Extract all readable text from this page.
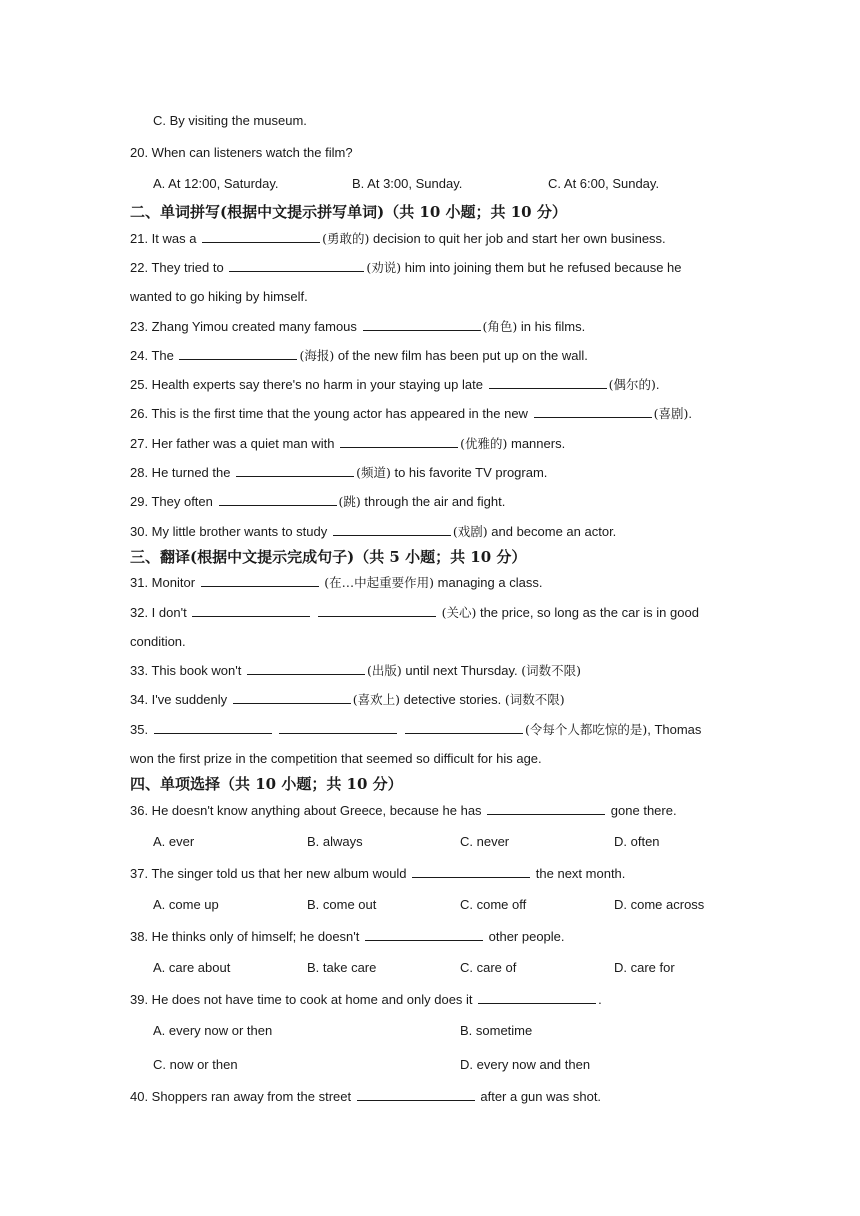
C. By visiting the museum.
20. When can listeners watch the film?
A. At 12:00, Saturday.	B. At 3:00, Sunday.	C. At 6:00, Sunday.
二、单词拼写(根据中文提示拼写单词)（共 10 小题；共 10 分）
21. It was a	(勇敢的) decision to quit her job and start her own business.
22. They tried to	(劝说) him into joining them but he refused because he
wanted to go hiking by himself.
23. Zhang Yimou created many famous	(角色) in his films.
24. The	(海报) of the new film has been put up on the wall.
25. Health experts say there's no harm in your staying up late	(偶尔的).
26. This is the first time that the young actor has appeared in the new	(喜剧).
27. Her father was a quiet man with	(优雅的) manners.
28. He turned the	(频道) to his favorite TV program.
29. They often	(跳) through the air and fight.
30. My little brother wants to study	(戏剧) and become an actor.
三、翻译(根据中文提示完成句子)（共 5 小题；共 10 分）
31. Monitor	(在…中起重要作用) managing a class.
32. I don't	(关心) the price, so long as the car is in good
condition.
33. This book won't	(出版) until next Thursday. (词数不限)
34. I've suddenly	(喜欢上) detective stories. (词数不限)
35.	(令每个人都吃惊的是), Thomas
won the first prize in the competition that seemed so difficult for his age.
四、单项选择（共 10 小题；共 10 分）
36. He doesn't know anything about Greece, because he has	gone there.
A. ever	B. always	C. never	D. often
37. The singer told us that her new album would	the next month.
A. come up	B. come out	C. come off	D. come across
38. He thinks only of himself; he doesn't	other people.
A. care about	B. take care	C. care of	D. care for
39. He does not have time to cook at home and only does it	.
A. every now or then	B. sometime
C. now or then	D. every now and then
40. Shoppers ran away from the street	after a gun was shot.
